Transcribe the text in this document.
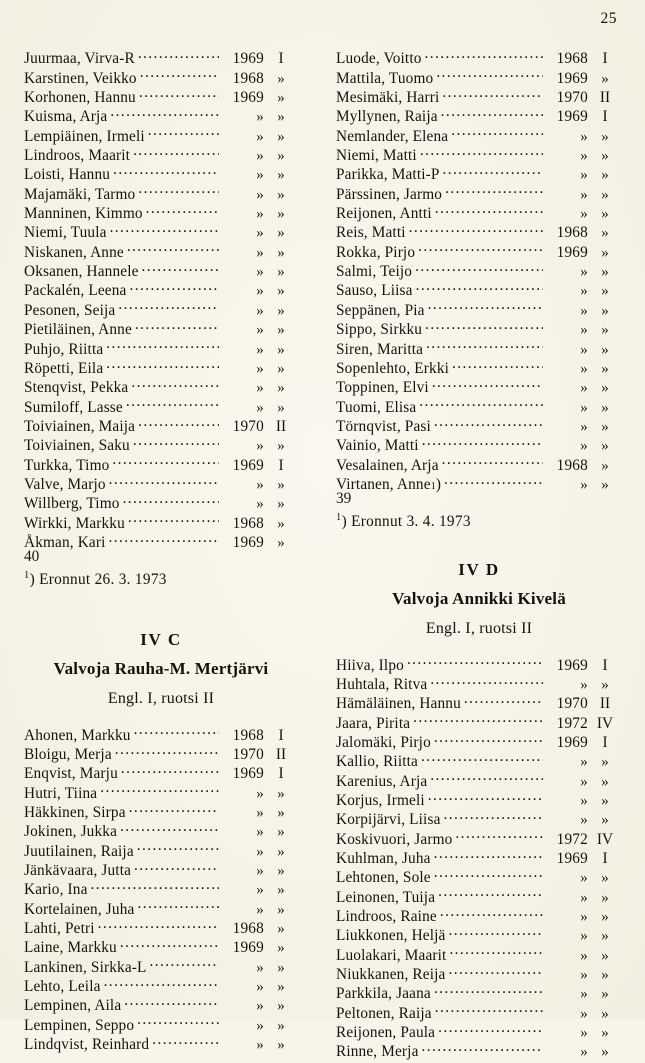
25
Juurmaa, Virva-R . . .	1969 I
Karstinen, Veikko . . .	1968 »
Korhonen, Hannu . . .	1969 »
Kuisma, Arja . . .	» »
Lempiäinen, Irmeli . . .	» »
Lindroos, Maarit . . .	» »
Loisti, Hannu . . .	» »
Majamäki, Tarmo . . .	» »
Manninen, Kimmo . . .	» »
Niemi, Tuula . . .	» »
Niskanen, Anne . . .	» »
Oksanen, Hannele . . .	» »
Packalén, Leena . . .	» »
Pesonen, Seija . . .	» »
Pietiläinen, Anne . . .	» »
Puhjo, Riitta . . .	» »
Röpetti, Eila . . .	» »
Stenqvist, Pekka . . .	» »
Sumiloff, Lasse . . .	» »
Toiviainen, Maija . . .	1970 II
Toiviainen, Saku . . .	» »
Turkka, Timo . . .	1969 I
Valve, Marjo . . .	» »
Willberg, Timo . . .	» »
Wirkki, Markku . . .	1968 »
Åkman, Kari . . .	1969 »
40
$^1$) Eronnut 26. 3. 1973
IV C
Valvoja Rauha-M. Mertjärvi
Engl. I, ruotsi II
Ahonen, Markku . . .	1968 I
Bloigu, Merja . . .	1970 II
Enqvist, Marju . . .	1969 I
Hutri, Tiina . . .	» »
Häkkinen, Sirpa . . .	» »
Jokinen, Jukka . . .	» »
Juutilainen, Raija . . .	» »
Jänkävaara, Jutta . . .	» »
Kario, Ina . . .	» »
Kortelainen, Juha . . .	» »
Lahti, Petri . . .	1968 »
Laine, Markku . . .	1969 »
Lankinen, Sirkka-L . . .	» »
Lehto, Leila . . .	» »
Lempinen, Aila . . .	» »
Lempinen, Seppo . . .	» »
Lindqvist, Reinhard . . .	» »
Luode, Voitto . . .	1968 I
Mattila, Tuomo . . .	1969 »
Mesimäki, Harri . . .	1970 II
Myllynen, Raija . . .	1969 I
Nemlander, Elena . . .	» »
Niemi, Matti . . .	» »
Parikka, Matti-P . . .	» »
Pärssinen, Jarmo . . .	» »
Reijonen, Antti . . .	» »
Reis, Matti . . .	1968 »
Rokka, Pirjo . . .	1969 »
Salmi, Teijo . . .	» »
Sauso, Liisa . . .	» »
Seppänen, Pia . . .	» »
Sippo, Sirkku . . .	» »
Siren, Maritta . . .	» »
Sopenlehto, Erkki . . .	» »
Toppinen, Elvi . . .	» »
Tuomi, Elisa . . .	» »
Törnqvist, Pasi . . .	» »
Vainio, Matti . . .	» »
Vesalainen, Arja . . .	1968 »
Virtanen, Anne 1 ) . . .	» »
39
$^1$) Eronnut 3. 4. 1973
IV D
Valvoja Annikki Kivelä
Engl. I, ruotsi II
Hiiva, Ilpo . . .	1969 I
Huhtala, Ritva . . .	» »
Hämäläinen, Hannu . . .	1970 II
Jaara, Pirita . . .	1972 IV
Jalomäki, Pirjo . . .	1969 I
Kallio, Riitta . . .	» »
Karenius, Arja . . .	» »
Korjus, Irmeli . . .	» »
Korpijärvi, Liisa . . .	» »
Koskivuori, Jarmo . . .	1972 IV
Kuhlman, Juha . . .	1969 I
Lehtonen, Sole . . .	» »
Leinonen, Tuija . . .	» »
Lindroos, Raine . . .	» »
Liukkonen, Heljä . . .	» »
Luolakari, Maarit . . .	» »
Niukkanen, Reija . . .	» »
Parkkila, Jaana . . .	» »
Peltonen, Raija . . .	» »
Reijonen, Paula . . .	» »
Rinne, Merja . . .	» »
